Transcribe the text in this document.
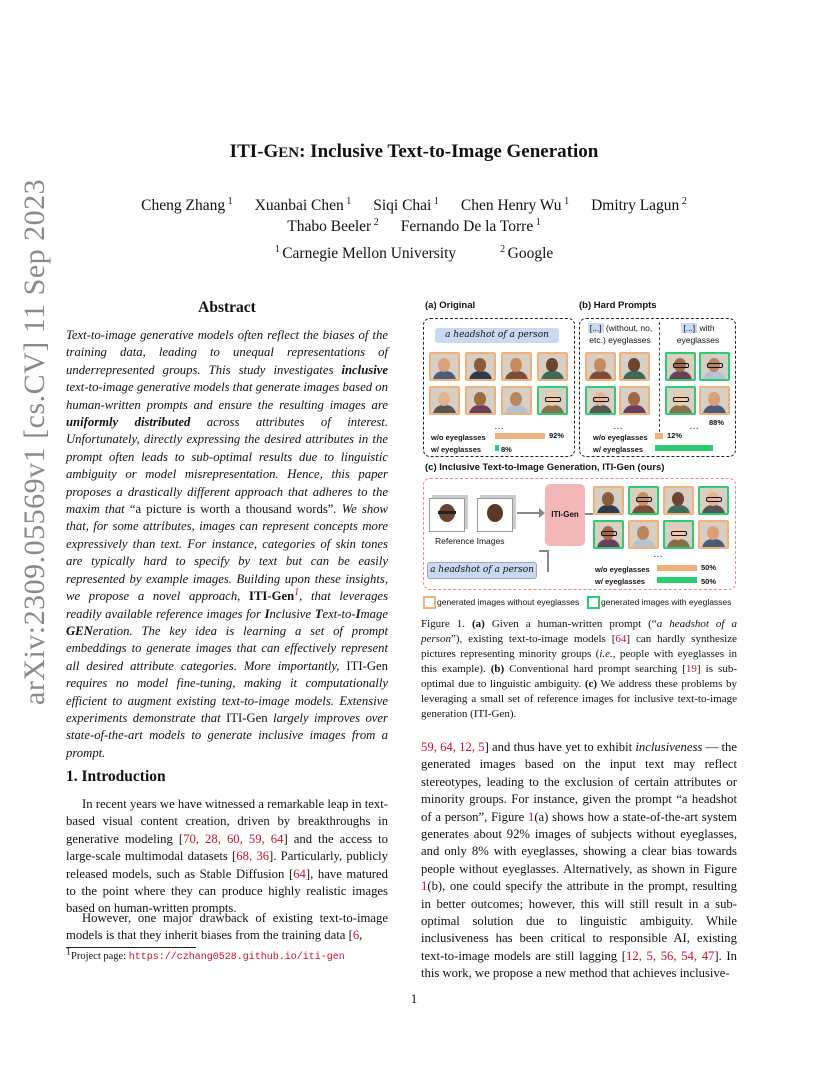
arXiv:2309.05569v1 [cs.CV] 11 Sep 2023
ITI-GEN: Inclusive Text-to-Image Generation
Cheng Zhang $^1$ Xuanbai Chen $^1$ Siqi Chai $^1$ Chen Henry Wu $^1$ Dmitry Lagun $^2$
Thabo Beeler $^2$ Fernando De la Torre $^1$
$^1$ Carnegie Mellon University	$^2$ Google
Abstract
Text-to-image generative models often reflect the biases of the training data, leading to unequal representations of underrepresented groups. This study investigates inclusive text-to-image generative models that generate images based on human-written prompts and ensure the resulting images are uniformly distributed across attributes of interest. Unfortunately, directly expressing the desired attributes in the prompt often leads to sub-optimal results due to linguistic ambiguity or model misrepresentation. Hence, this paper proposes a drastically different approach that adheres to the maxim that “a picture is worth a thousand words”. We show that, for some attributes, images can represent concepts more expressively than text. For instance, categories of skin tones are typically hard to specify by text but can be easily represented by example images. Building upon these insights, we propose a novel approach, ITI-Gen$^1$, that leverages readily available reference images for Inclusive Text-to-Image GENeration. The key idea is learning a set of prompt embeddings to generate images that can effectively represent all desired attribute categories. More importantly, ITI-Gen requires no model fine-tuning, making it computationally efficient to augment existing text-to-image models. Extensive experiments demonstrate that ITI-Gen largely improves over state-of-the-art models to generate inclusive images from a prompt.
1. Introduction
In recent years we have witnessed a remarkable leap in text-based visual content creation, driven by breakthroughs in generative modeling [70, 28, 60, 59, 64] and the access to large-scale multimodal datasets [68, 36]. Particularly, publicly released models, such as Stable Diffusion [64], have matured to the point where they can produce highly realistic images based on human-written prompts.
However, one major drawback of existing text-to-image models is that they inherit biases from the training data [6,
$^1$Project page: https://czhang0528.github.io/iti-gen
59, 64, 12, 5] and thus have yet to exhibit inclusiveness — the generated images based on the input text may reflect stereotypes, leading to the exclusion of certain attributes or minority groups. For instance, given the prompt “a headshot of a person”, Figure 1(a) shows how a state-of-the-art system generates about 92% images of subjects without eyeglasses, and only 8% with eyeglasses, showing a clear bias towards people without eyeglasses. Alternatively, as shown in Figure 1(b), one could specify the attribute in the prompt, resulting in better outcomes; however, this will still result in a sub-optimal solution due to linguistic ambiguity. While inclusiveness has been critical to responsible AI, existing text-to-image models are still lagging [12, 5, 56, 54, 47]. In this work, we propose a new method that achieves inclusive-
(a) Original	(b) Hard Prompts
a headshot of a person
…
w/o eyeglasses
w/ eyeglasses
92%
8%
[...] (without, no, etc.) eyeglasses
[...] with eyeglasses
…	…
w/o eyeglasses
w/ eyeglasses
12%
88%
(c) Inclusive Text-to-Image Generation, ITI-Gen (ours)
Reference Images
a headshot of a person
ITI-Gen
…
w/o eyeglasses
w/ eyeglasses
50%
50%
generated images without eyeglasses	generated images with eyeglasses
Figure 1. (a) Given a human-written prompt (“a headshot of a person”), existing text-to-image models [64] can hardly synthesize pictures representing minority groups (i.e., people with eyeglasses in this example). (b) Conventional hard prompt searching [19] is sub-optimal due to linguistic ambiguity. (c) We address these problems by leveraging a small set of reference images for inclusive text-to-image generation (ITI-Gen).
1
